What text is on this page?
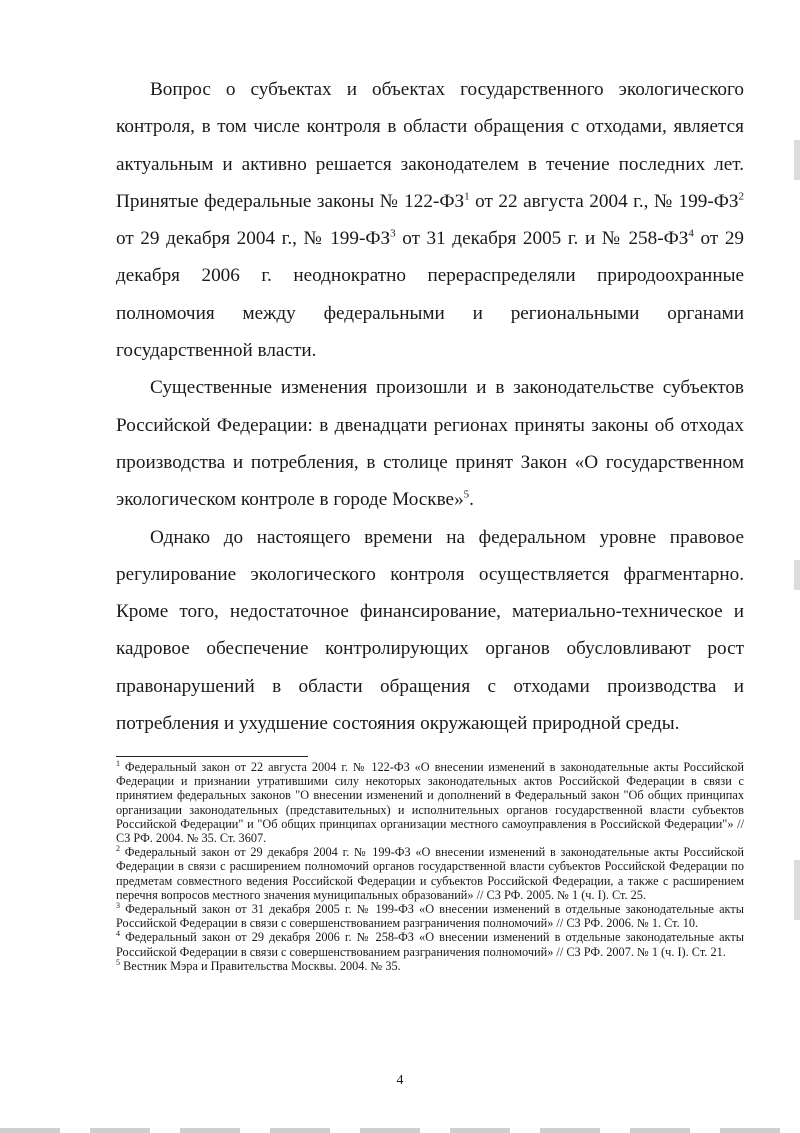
Вопрос о субъектах и объектах государственного экологического контроля, в том числе контроля в области обращения с отходами, является актуальным и активно решается законодателем в течение последних лет. Принятые федеральные законы № $122-ФЗ^1$ от 22 августа 2004 г., № $199-ФЗ^2$ от 29 декабря 2004 г., № $199-ФЗ^3$ от 31 декабря 2005 г. и № $258-ФЗ^4$ от 29 декабря 2006 г. неоднократно перераспределяли природоохранные полномочия между федеральными и региональными органами государственной власти.

Существенные изменения произошли и в законодательстве субъектов Российской Федерации: в двенадцати регионах приняты законы об отходах производства и потребления, в столице принят Закон «О государственном экологическом контроле в городе Москве»$^5$.

Однако до настоящего времени на федеральном уровне правовое регулирование экологического контроля осуществляется фрагментарно. Кроме того, недостаточное финансирование, материально-техническое и кадровое обеспечение контролирующих органов обусловливают рост правонарушений в области обращения с отходами производства и потребления и ухудшение состояния окружающей природной среды.

$^1$ Федеральный закон от 22 августа 2004 г. № 122-ФЗ «О внесении изменений в законодательные акты Российской Федерации и признании утратившими силу некоторых законодательных актов Российской Федерации в связи с принятием федеральных законов "О внесении изменений и дополнений в Федеральный закон "Об общих принципах организации законодательных (представительных) и исполнительных органов государственной власти субъектов Российской Федерации" и "Об общих принципах организации местного самоуправления в Российской Федерации"» // СЗ РФ. 2004. № 35. Ст. 3607.

$^2$ Федеральный закон от 29 декабря 2004 г. № 199-ФЗ «О внесении изменений в законодательные акты Российской Федерации в связи с расширением полномочий органов государственной власти субъектов Российской Федерации по предметам совместного ведения Российской Федерации и субъектов Российской Федерации, а также с расширением перечня вопросов местного значения муниципальных образований» // СЗ РФ. 2005. № 1 (ч. I). Ст. 25.

$^3$ Федеральный закон от 31 декабря 2005 г. № 199-ФЗ «О внесении изменений в отдельные законодательные акты Российской Федерации в связи с совершенствованием разграничения полномочий» // СЗ РФ. 2006. № 1. Ст. 10.

$^4$ Федеральный закон от 29 декабря 2006 г. № 258-ФЗ «О внесении изменений в отдельные законодательные акты Российской Федерации в связи с совершенствованием разграничения полномочий» // СЗ РФ. 2007. № 1 (ч. I). Ст. 21.

$^5$ Вестник Мэра и Правительства Москвы. 2004. № 35.

4
